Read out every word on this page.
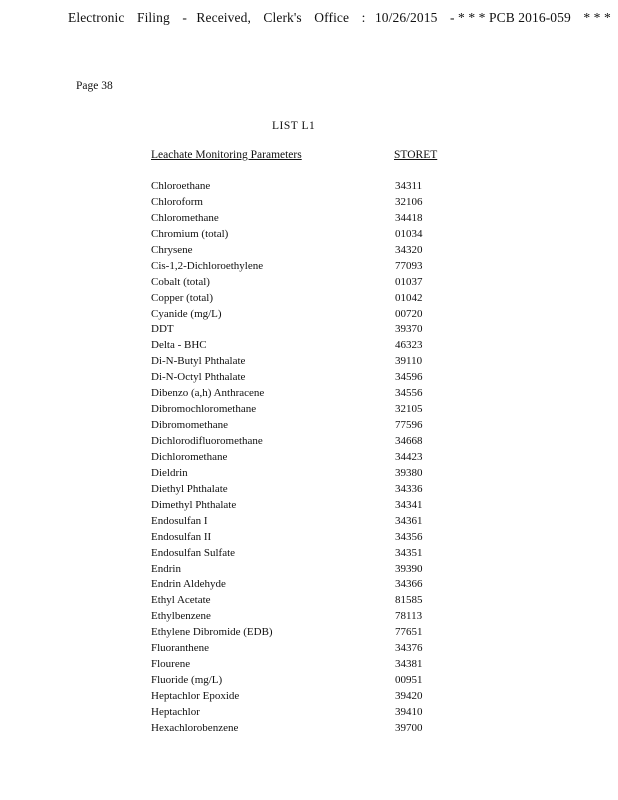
Electronic Filing - Received, Clerk's Office : 10/26/2015 - * * * PCB 2016-059 * * *
Page 38
LIST L1
Leachate Monitoring Parameters	STORET
Chloroethane	34311
Chloroform	32106
Chloromethane	34418
Chromium (total)	01034
Chrysene	34320
Cis-1,2-Dichloroethylene	77093
Cobalt (total)	01037
Copper (total)	01042
Cyanide (mg/L)	00720
DDT	39370
Delta - BHC	46323
Di-N-Butyl Phthalate	39110
Di-N-Octyl Phthalate	34596
Dibenzo (a,h) Anthracene	34556
Dibromochloromethane	32105
Dibromomethane	77596
Dichlorodifluoromethane	34668
Dichloromethane	34423
Dieldrin	39380
Diethyl Phthalate	34336
Dimethyl Phthalate	34341
Endosulfan I	34361
Endosulfan II	34356
Endosulfan Sulfate	34351
Endrin	39390
Endrin Aldehyde	34366
Ethyl Acetate	81585
Ethylbenzene	78113
Ethylene Dibromide (EDB)	77651
Fluoranthene	34376
Flourene	34381
Fluoride (mg/L)	00951
Heptachlor Epoxide	39420
Heptachlor	39410
Hexachlorobenzene	39700
